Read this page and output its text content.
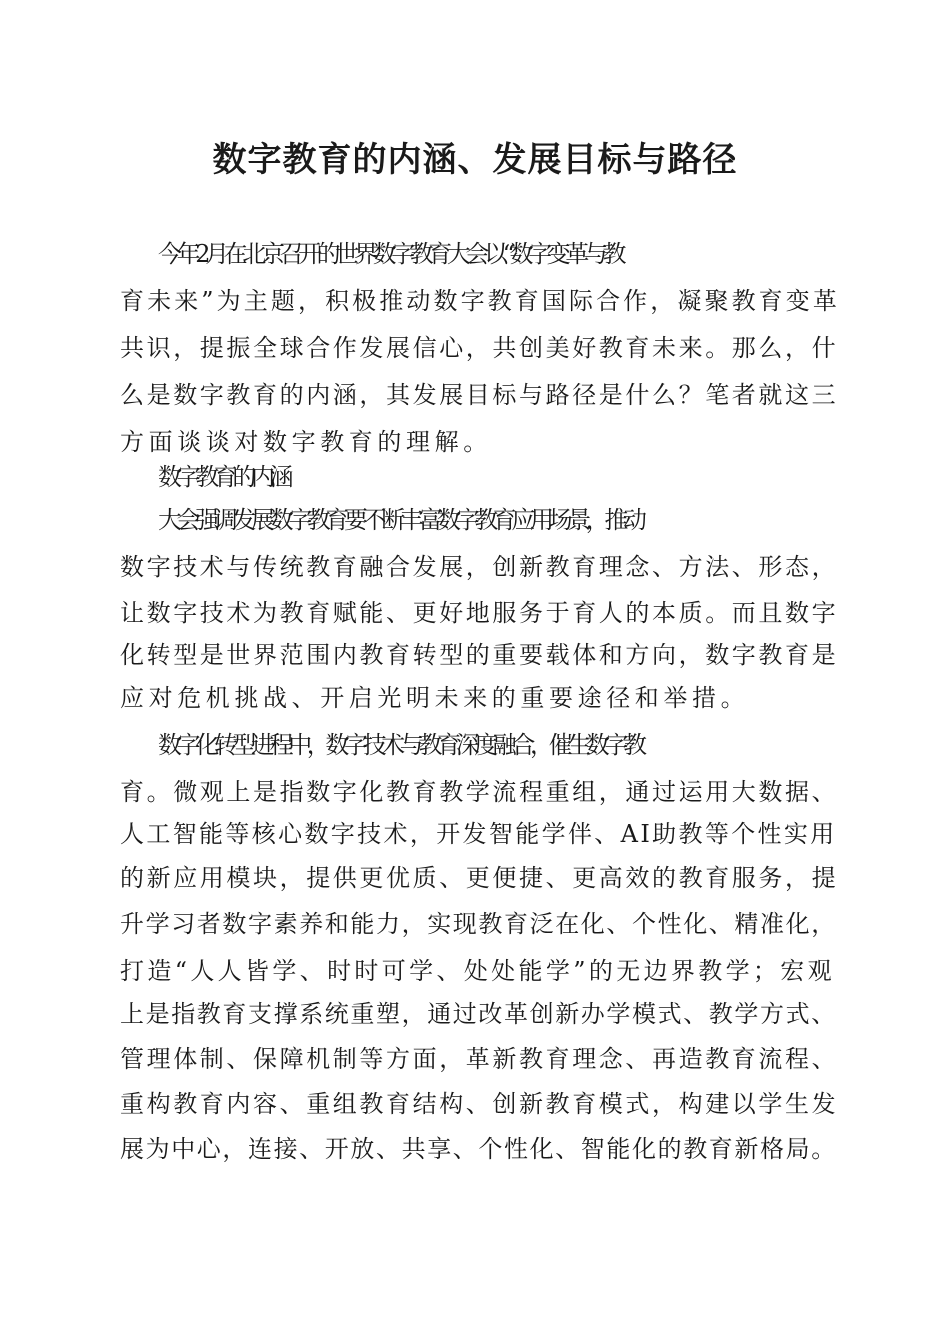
数字教育的内涵、发展目标与路径

今年2月在北京召开的世界数字教育大会以“数字变革与教

育未来”为主题，积极推动数字教育国际合作，凝聚教育变革

共识，提振全球合作发展信心，共创美好教育未来。那么，什

么是数字教育的内涵，其发展目标与路径是什么？笔者就这三

方面谈谈对数字教育的理解。

数字教育的内涵

大会强调发展数字教育要不断丰富数字教育应用场景，推动

数字技术与传统教育融合发展，创新教育理念、方法、形态，

让数字技术为教育赋能、更好地服务于育人的本质。而且数字

化转型是世界范围内教育转型的重要载体和方向，数字教育是

应对危机挑战、开启光明未来的重要途径和举措。

数字化转型进程中，数字技术与教育深度融合，催生数字教

育。微观上是指数字化教育教学流程重组，通过运用大数据、

人工智能等核心数字技术，开发智能学伴、AI助教等个性实用

的新应用模块，提供更优质、更便捷、更高效的教育服务，提

升学习者数字素养和能力，实现教育泛在化、个性化、精准化，

打造“人人皆学、时时可学、处处能学”的无边界教学；宏观

上是指教育支撑系统重塑，通过改革创新办学模式、教学方式、

管理体制、保障机制等方面，革新教育理念、再造教育流程、

重构教育内容、重组教育结构、创新教育模式，构建以学生发

展为中心，连接、开放、共享、个性化、智能化的教育新格局。
